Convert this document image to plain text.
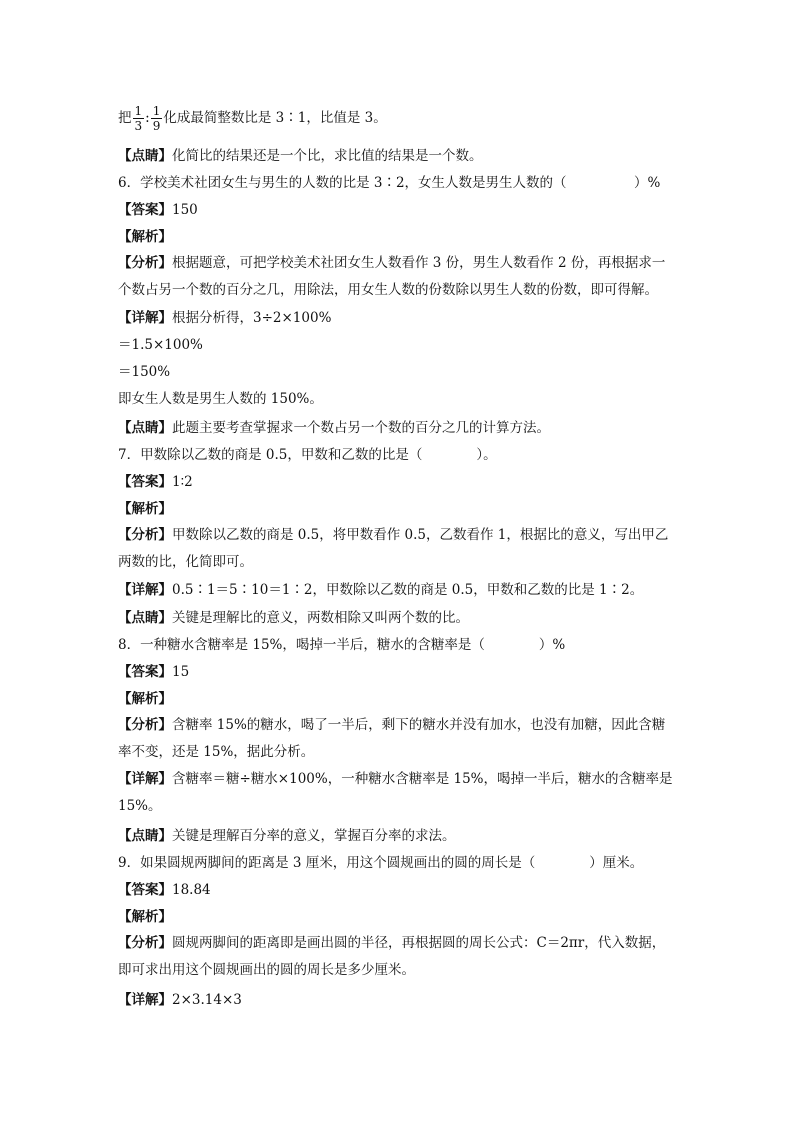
把 $\frac{1}{3}$ : $\frac{1}{9}$ 化成最简整数比是 3∶1，比值是 3。
【点睛】化简比的结果还是一个比，求比值的结果是一个数。
6．学校美术社团女生与男生的人数的比是 3∶2，女生人数是男生人数的（　　　　　）%
【答案】150
【解析】
【分析】根据题意，可把学校美术社团女生人数看作 3 份，男生人数看作 2 份，再根据求一个数占另一个数的百分之几，用除法，用女生人数的份数除以男生人数的份数，即可得解。
【详解】根据分析得，3÷2×100%
＝1.5×100%
＝150%
即女生人数是男生人数的 150%。
【点睛】此题主要考查掌握求一个数占另一个数的百分之几的计算方法。
7．甲数除以乙数的商是 0.5，甲数和乙数的比是（　　　　）。
【答案】1∶2
【解析】
【分析】甲数除以乙数的商是 0.5，将甲数看作 0.5，乙数看作 1，根据比的意义，写出甲乙两数的比，化简即可。
【详解】0.5∶1＝5∶10＝1∶2，甲数除以乙数的商是 0.5，甲数和乙数的比是 1∶2。
【点睛】关键是理解比的意义，两数相除又叫两个数的比。
8．一种糖水含糖率是 15%，喝掉一半后，糖水的含糖率是（　　　　）%
【答案】15
【解析】
【分析】含糖率 15%的糖水，喝了一半后，剩下的糖水并没有加水，也没有加糖，因此含糖率不变，还是 15%，据此分析。
【详解】含糖率＝糖÷糖水×100%，一种糖水含糖率是 15%，喝掉一半后，糖水的含糖率是 15%。
【点睛】关键是理解百分率的意义，掌握百分率的求法。
9．如果圆规两脚间的距离是 3 厘米，用这个圆规画出的圆的周长是（　　　　）厘米。
【答案】18.84
【解析】
【分析】圆规两脚间的距离即是画出圆的半径，再根据圆的周长公式：C＝2πr，代入数据，即可求出用这个圆规画出的圆的周长是多少厘米。
【详解】2×3.14×3
